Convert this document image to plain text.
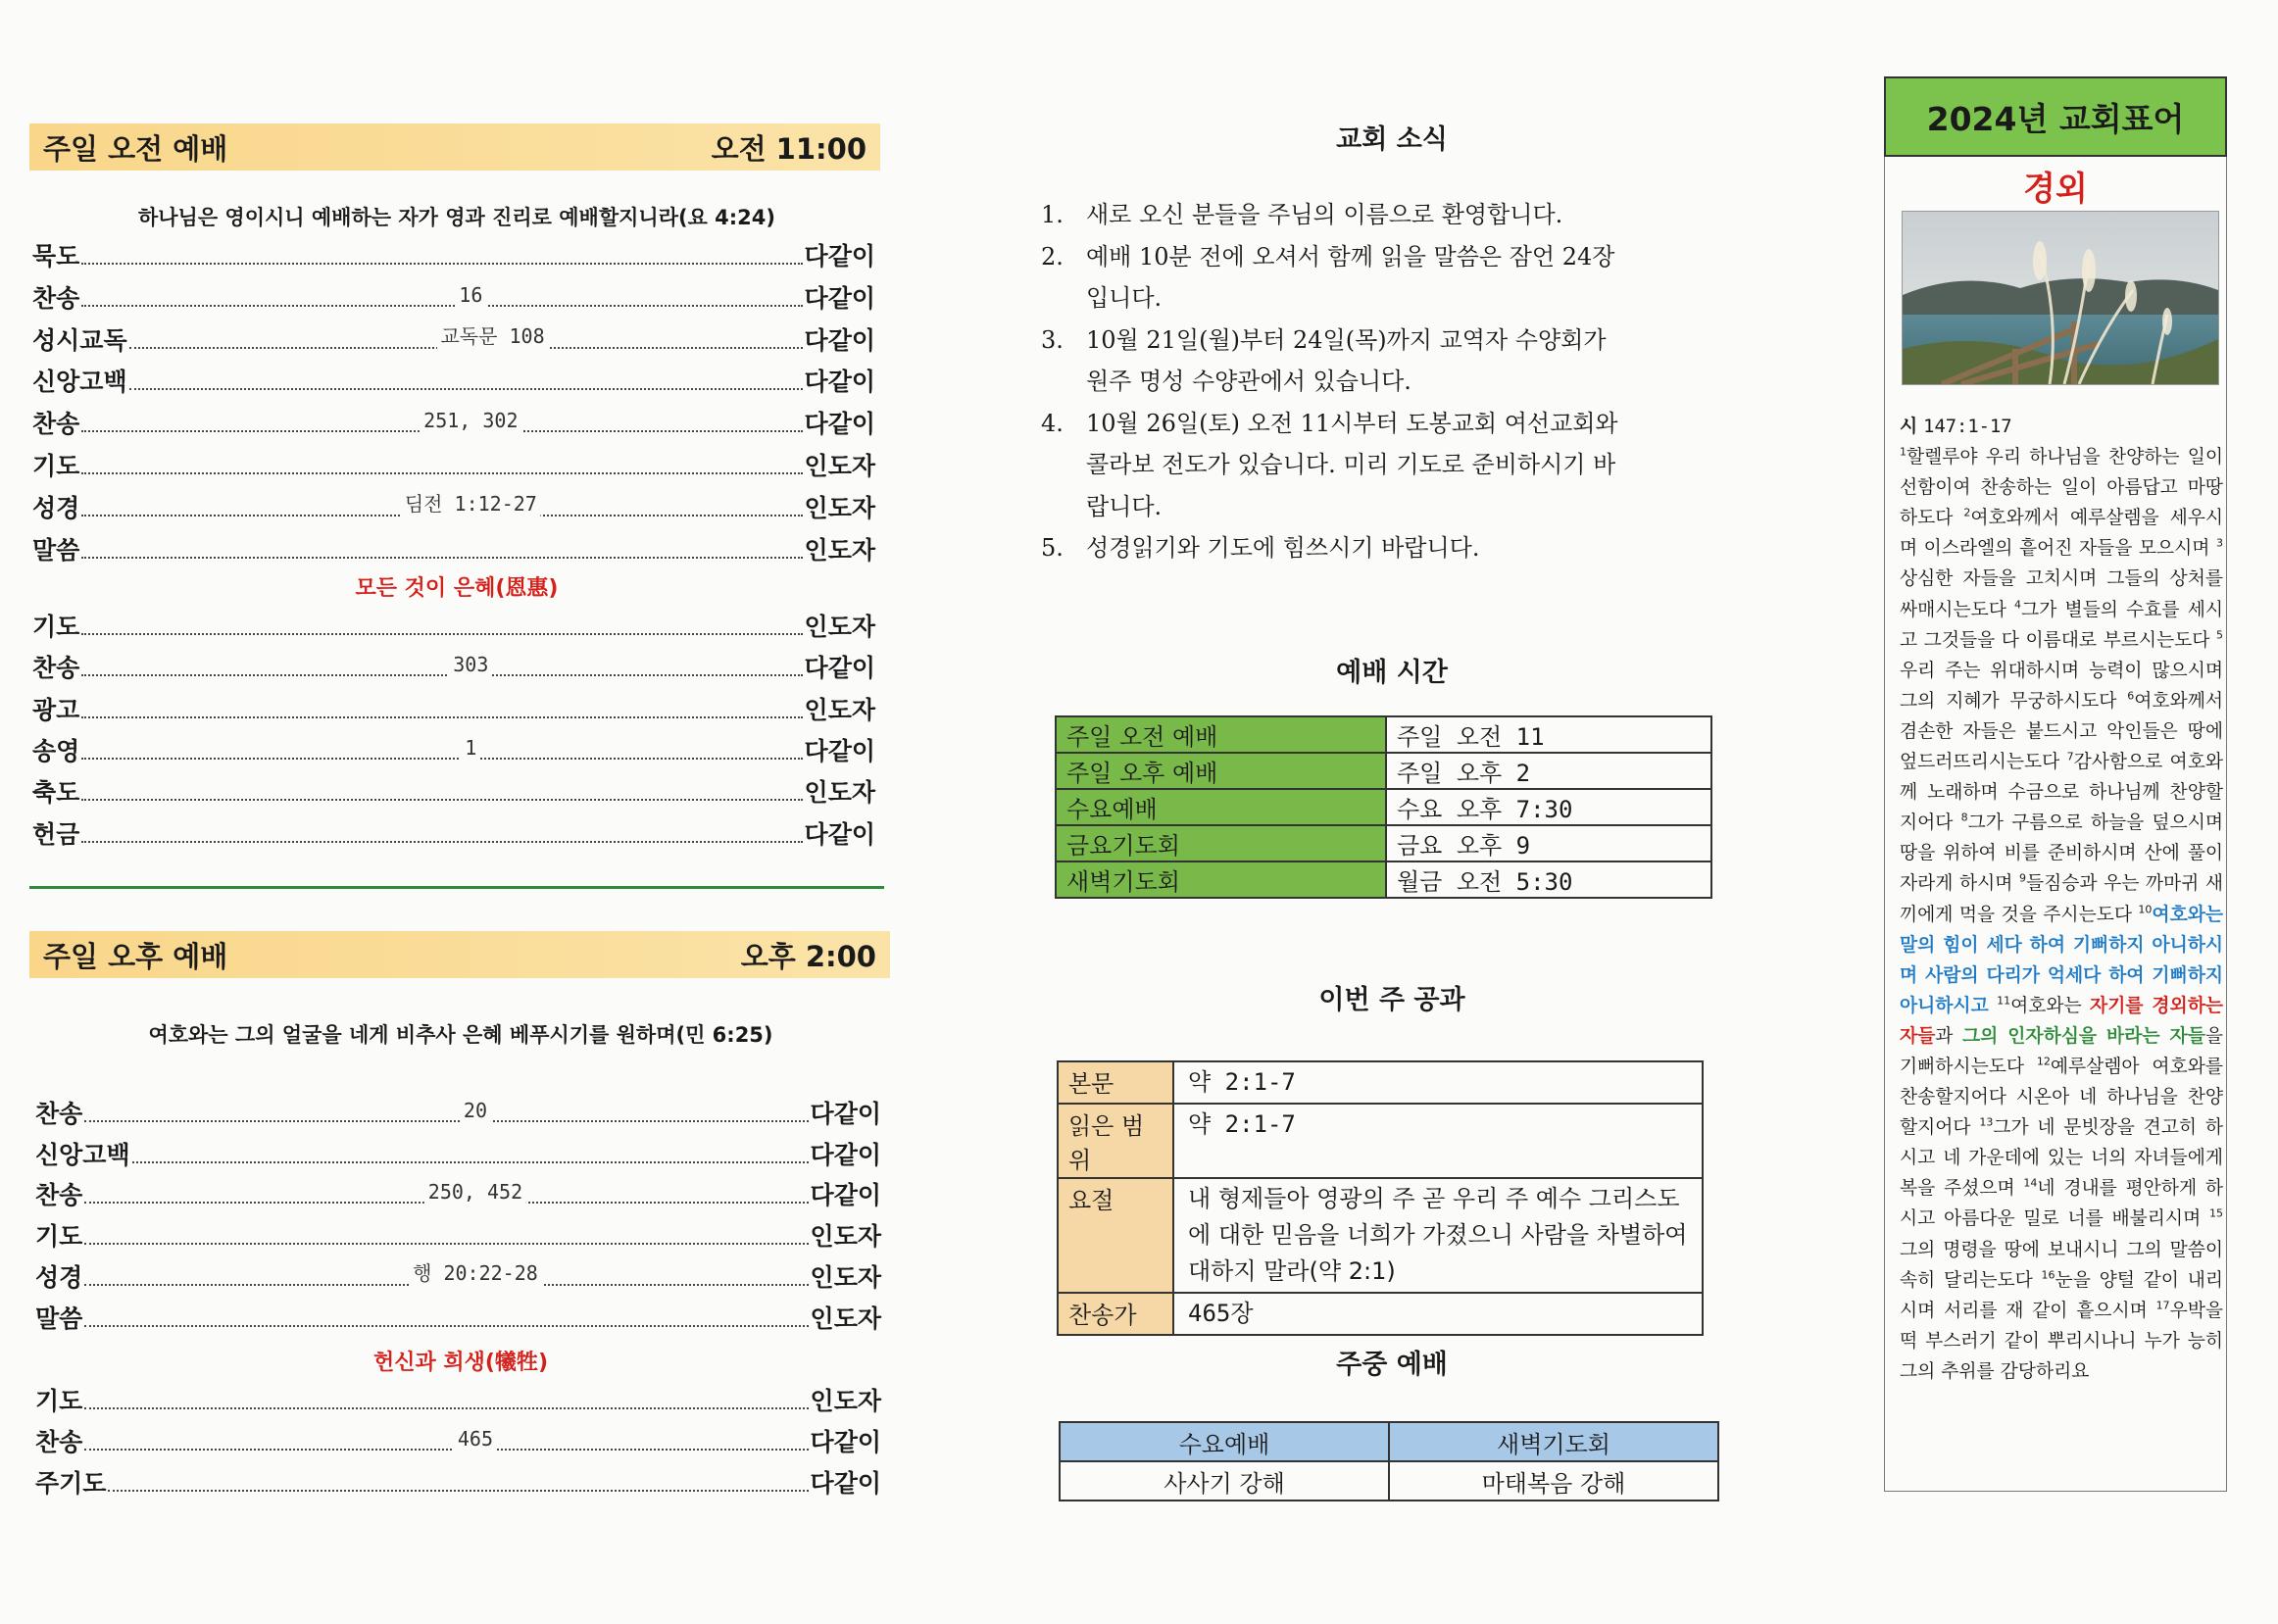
주일 오전 예배	오전 11:00
하나님은 영이시니 예배하는 자가 영과 진리로 예배할지니라(요 4:24)
묵도	다같이
찬송	16	다같이
성시교독	교독문 108	다같이
신앙고백	다같이
찬송	251, 302	다같이
기도	인도자
성경	딤전 1:12-27	인도자
말씀	인도자
모든 것이 은혜(恩惠)
기도	인도자
찬송	303	다같이
광고	인도자
송영	1	다같이
축도	인도자
헌금	다같이
주일 오후 예배	오후 2:00
여호와는 그의 얼굴을 네게 비추사 은혜 베푸시기를 원하며(민 6:25)
찬송	20	다같이
신앙고백	다같이
찬송	250, 452	다같이
기도	인도자
성경	행 20:22-28	인도자
말씀	인도자
헌신과 희생(犧牲)
기도	인도자
찬송	465	다같이
주기도	다같이
교회 소식
1. 새로 오신 분들을 주님의 이름으로 환영합니다.
2. 예배 10분 전에 오셔서 함께 읽을 말씀은 잠언 24장
입니다.
3. 10월 21일(월)부터 24일(목)까지 교역자 수양회가
원주 명성 수양관에서 있습니다.
4. 10월 26일(토) 오전 11시부터 도봉교회 여선교회와
콜라보 전도가 있습니다. 미리 기도로 준비하시기 바
랍니다.
5. 성경읽기와 기도에 힘쓰시기 바랍니다.
예배 시간
주일 오전 예배	주일 오전 11
주일 오후 예배	주일 오후 2
수요예배	수요 오후 7:30
금요기도회	금요 오후 9
새벽기도회	월금 오전 5:30
이번 주 공과
본문	약 2:1-7
읽은 범위	약 2:1-7
요절	내 형제들아 영광의 주 곧 우리 주 예수 그리스도에 대한 믿음을 너희가 가졌으니 사람을 차별하여 대하지 말라(약 2:1)
찬송가	465장
주중 예배
수요예배	새벽기도회
사사기 강해	마태복음 강해
2024년 교회표어
경외
시 147:1-17
$^1$할렐루야 우리 하나님을 찬양하는 일이 선함이여 찬송하는 일이 아름답고 마땅하도다 $^2$여호와께서 예루살렘을 세우시며 이스라엘의 흩어진 자들을 모으시며 $^3$상심한 자들을 고치시며 그들의 상처를 싸매시는도다 $^4$그가 별들의 수효를 세시고 그것들을 다 이름대로 부르시는도다 $^5$우리 주는 위대하시며 능력이 많으시며 그의 지혜가 무궁하시도다 $^6$여호와께서 겸손한 자들은 붙드시고 악인들은 땅에 엎드러뜨리시는도다 $^7$감사함으로 여호와께 노래하며 수금으로 하나님께 찬양할지어다 $^8$그가 구름으로 하늘을 덮으시며 땅을 위하여 비를 준비하시며 산에 풀이 자라게 하시며 $^9$들짐승과 우는 까마귀 새끼에게 먹을 것을 주시는도다 $^{10}$여호와는 말의 힘이 세다 하여 기뻐하지 아니하시며 사람의 다리가 억세다 하여 기뻐하지 아니하시고 $^{11}$여호와는 자기를 경외하는 자들과 그의 인자하심을 바라는 자들을 기뻐하시는도다 $^{12}$예루살렘아 여호와를 찬송할지어다 시온아 네 하나님을 찬양할지어다 $^{13}$그가 네 문빗장을 견고히 하시고 네 가운데에 있는 너의 자녀들에게 복을 주셨으며 $^{14}$네 경내를 평안하게 하시고 아름다운 밀로 너를 배불리시며 $^{15}$그의 명령을 땅에 보내시니 그의 말씀이 속히 달리는도다 $^{16}$눈을 양털 같이 내리시며 서리를 재 같이 흩으시며 $^{17}$우박을 떡 부스러기 같이 뿌리시나니 누가 능히 그의 추위를 감당하리요
